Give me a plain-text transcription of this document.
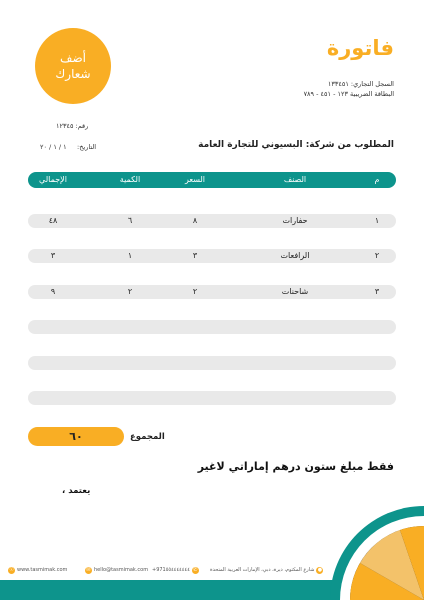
أضف
شعارك
فاتورة
السجل التجاري: ١٣٣٤٥١
البطاقة الضريبية ١٢٣ - ٤٥١ - ٧٨٩
رقم: ١٢٣٤٥
التاريخ:
١ / ١ / ٢٠	المطلوب من شركة: البسيوني للتجارة العامة
م
الصنف
السعر
الكمية
الإجمالي
١
حفارات
٨
٦
٤٨
٢
الرافعات
٣
١
٣
٣
شاحنات
٢
٢
٩
المجموع
٦٠
فقط مبلغ ستون درهم إماراتي لاغير
يعتمد ،
شارع المكتوم، ديرة، دبي، الإمارات العربية المتحدة ●
+971٥٥٤٤٤٤٤٤٤ ✆
✉ hello@tasmimak.com
☉ www.tasmimak.com
